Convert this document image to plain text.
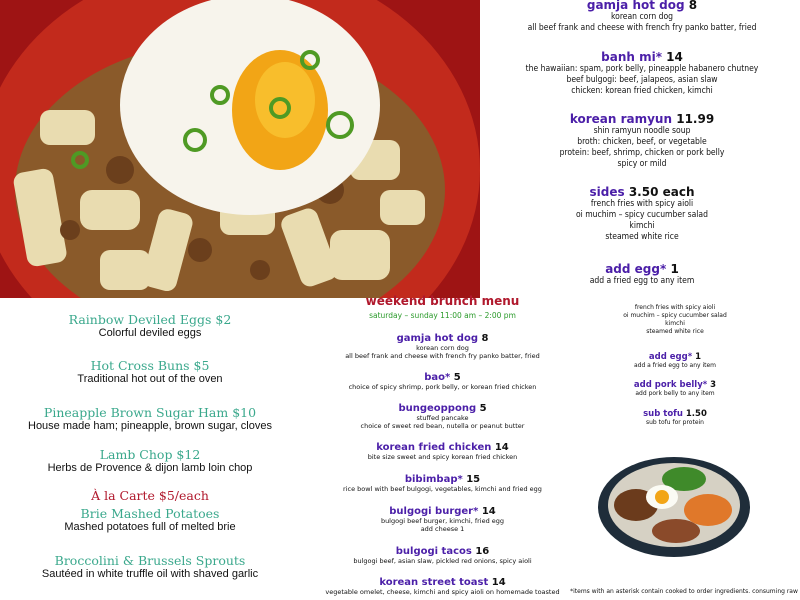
gamja hot dog 8
korean corn dog
all beef frank and cheese with french fry panko batter, fried
banh mi* 14
the hawaiian: spam, pork belly, pineapple habanero chutney
beef bulgogi: beef, jalapeos, asian slaw
chicken: korean fried chicken, kimchi
korean ramyun 11.99
shin ramyun noodle soup
broth: chicken, beef, or vegetable
protein: beef, shrimp, chicken or pork belly
spicy or mild
sides 3.50 each
french fries with spicy aioli
oi muchim – spicy cucumber salad
kimchi
steamed white rice
add egg* 1
add a fried egg to any item
Rainbow Deviled Eggs $2
Colorful deviled eggs
Hot Cross Buns $5
Traditional hot out of the oven
Pineapple Brown Sugar Ham $10
House made ham; pineapple, brown sugar, cloves
Lamb Chop $12
Herbs de Provence & dijon lamb loin chop
À la Carte $5/each
Brie Mashed Potatoes
Mashed potatoes full of melted brie
Broccolini & Brussels Sprouts
Sautéed in white truffle oil with shaved garlic
weekend brunch menu
saturday – sunday 11:00 am – 2:00 pm
gamja hot dog 8
korean corn dog
all beef frank and cheese with french fry panko batter, fried
bao* 5
choice of spicy shrimp, pork belly, or korean fried chicken
bungeoppong 5
stuffed pancake
choice of sweet red bean, nutella or peanut butter
korean fried chicken 14
bite size sweet and spicy korean fried chicken
bibimbap* 15
rice bowl with beef bulgogi, vegetables, kimchi and fried egg
bulgogi burger* 14
bulgogi beef burger, kimchi, fried egg
add cheese 1
bulgogi tacos 16
bulgogi beef, asian slaw, pickled red onions, spicy aioli
korean street toast 14
vegetable omelet, cheese, kimchi and spicy aioli on homemade toasted
french fries with spicy aioli
oi muchim – spicy cucumber salad
kimchi
steamed white rice
add egg* 1
add a fried egg to any item
add pork belly* 3
add pork belly to any item
sub tofu 1.50
sub tofu for protein
*items with an asterisk contain cooked to order ingredients. consuming raw
